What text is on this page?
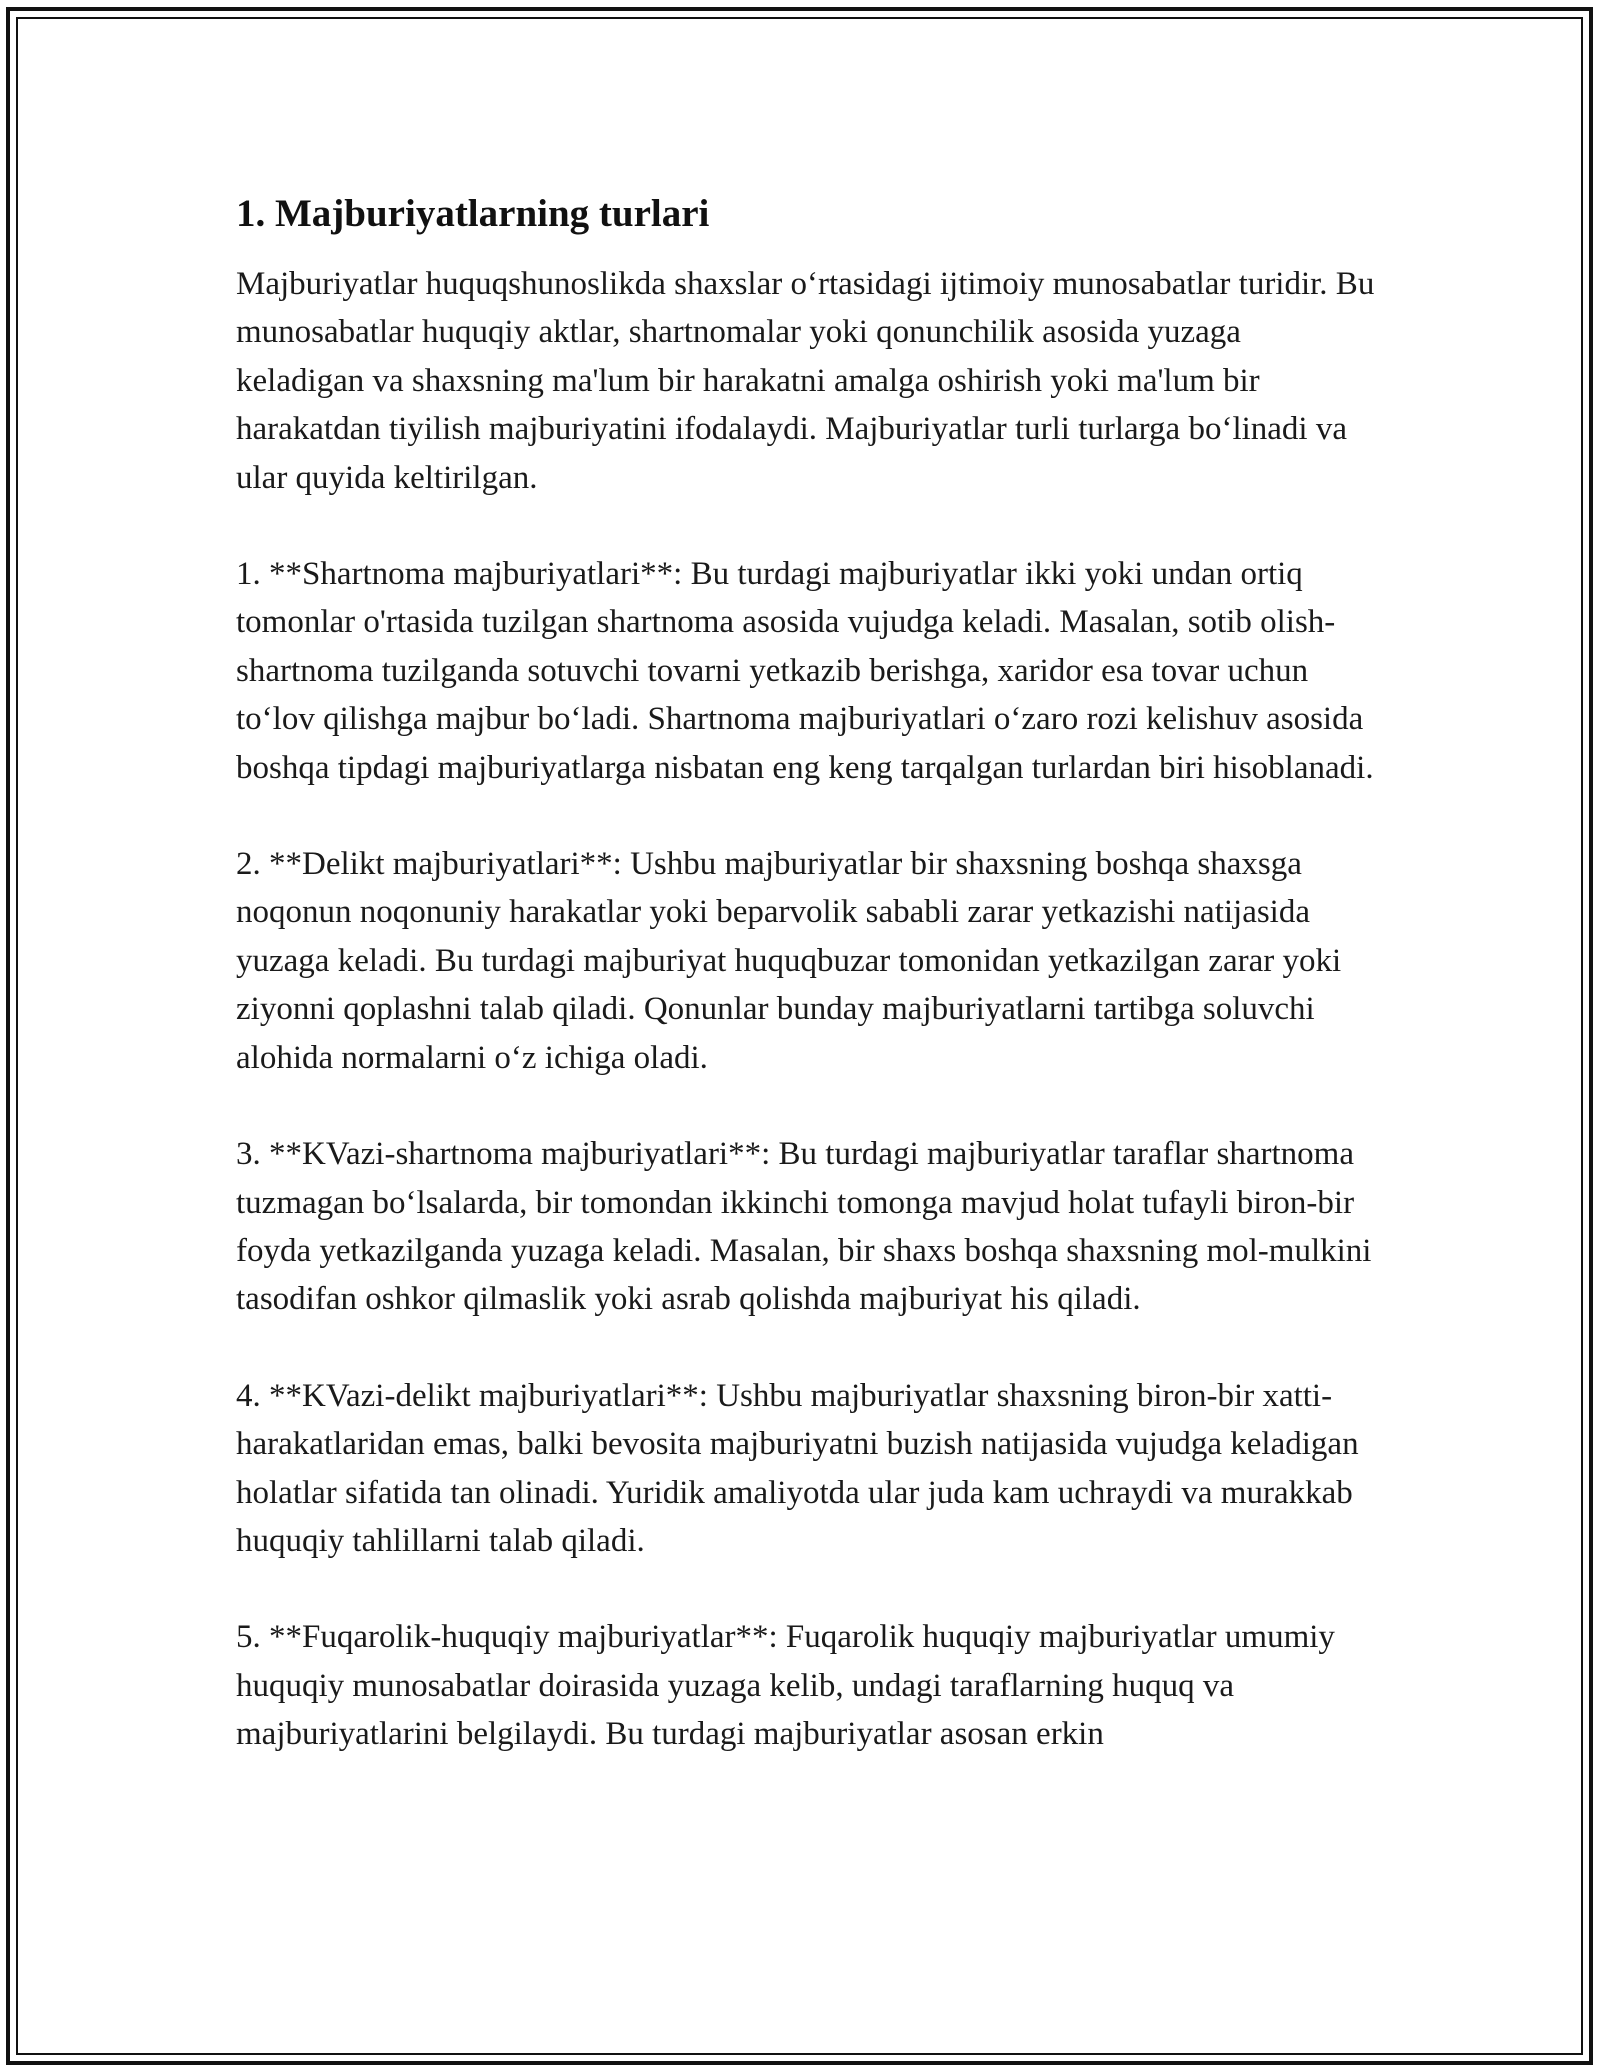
1. Majburiyatlarning turlari

Majburiyatlar huquqshunoslikda shaxslar o‘rtasidagi ijtimoiy munosabatlar turidir. Bu munosabatlar huquqiy aktlar, shartnomalar yoki qonunchilik asosida yuzaga keladigan va shaxsning ma'lum bir harakatni amalga oshirish yoki ma'lum bir harakatdan tiyilish majburiyatini ifodalaydi. Majburiyatlar turli turlarga bo‘linadi va ular quyida keltirilgan.

1. **Shartnoma majburiyatlari**: Bu turdagi majburiyatlar ikki yoki undan ortiq tomonlar o'rtasida tuzilgan shartnoma asosida vujudga keladi. Masalan, sotib olish-shartnoma tuzilganda sotuvchi tovarni yetkazib berishga, xaridor esa tovar uchun to‘lov qilishga majbur bo‘ladi. Shartnoma majburiyatlari o‘zaro rozi kelishuv asosida boshqa tipdagi majburiyatlarga nisbatan eng keng tarqalgan turlardan biri hisoblanadi.

2. **Delikt majburiyatlari**: Ushbu majburiyatlar bir shaxsning boshqa shaxsga noqonun noqonuniy harakatlar yoki beparvolik sababli zarar yetkazishi natijasida yuzaga keladi. Bu turdagi majburiyat huquqbuzar tomonidan yetkazilgan zarar yoki ziyonni qoplashni talab qiladi. Qonunlar bunday majburiyatlarni tartibga soluvchi alohida normalarni o‘z ichiga oladi.

3. **KVazi-shartnoma majburiyatlari**: Bu turdagi majburiyatlar taraflar shartnoma tuzmagan bo‘lsalarda, bir tomondan ikkinchi tomonga mavjud holat tufayli biron-bir foyda yetkazilganda yuzaga keladi. Masalan, bir shaxs boshqa shaxsning mol-mulkini tasodifan oshkor qilmaslik yoki asrab qolishda majburiyat his qiladi.

4. **KVazi-delikt majburiyatlari**: Ushbu majburiyatlar shaxsning biron-bir xatti-harakatlaridan emas, balki bevosita majburiyatni buzish natijasida vujudga keladigan holatlar sifatida tan olinadi. Yuridik amaliyotda ular juda kam uchraydi va murakkab huquqiy tahlillarni talab qiladi.

5. **Fuqarolik-huquqiy majburiyatlar**: Fuqarolik huquqiy majburiyatlar umumiy huquqiy munosabatlar doirasida yuzaga kelib, undagi taraflarning huquq va majburiyatlarini belgilaydi. Bu turdagi majburiyatlar asosan erkin
